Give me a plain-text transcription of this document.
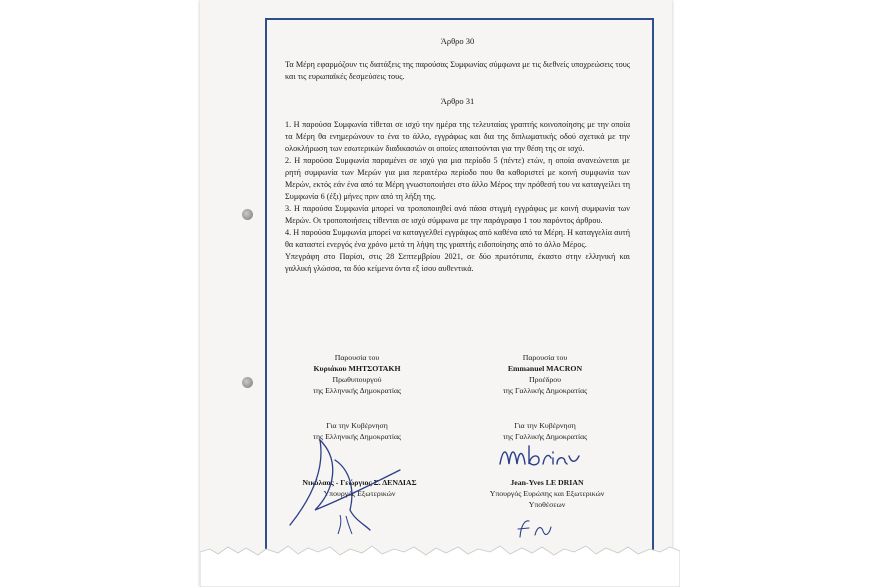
Άρθρο 30
Τα Μέρη εφαρμόζουν τις διατάξεις της παρούσας Συμφωνίας σύμφωνα με τις διεθνείς υποχρεώσεις τους και τις ευρωπαϊκές δεσμεύσεις τους.
Άρθρο 31

1. Η παρούσα Συμφωνία τίθεται σε ισχύ την ημέρα της τελευταίας γραπτής κοινοποίησης με την οποία τα Μέρη θα ενημερώνουν το ένα το άλλο, εγγράφως και δια της διπλωματικής οδού σχετικά με την ολοκλήρωση των εσωτερικών διαδικασιών οι οποίες απαιτούνται για την θέση της σε ισχύ.

2. Η παρούσα Συμφωνία παραμένει σε ισχύ για μια περίοδο 5 (πέντε) ετών, η οποία ανανεώνεται με ρητή συμφωνία των Μερών για μια περαιτέρω περίοδο που θα καθοριστεί με κοινή συμφωνία των Μερών, εκτός εάν ένα από τα Μέρη γνωστοποιήσει στο άλλο Μέρος την πρόθεσή του να καταγγείλει τη Συμφωνία 6 (έξι) μήνες πριν από τη λήξη της.

3. Η παρούσα Συμφωνία μπορεί να τροποποιηθεί ανά πάσα στιγμή εγγράφως με κοινή συμφωνία των Μερών. Οι τροποποιήσεις τίθενται σε ισχύ σύμφωνα με την παράγραφο 1 του παρόντος άρθρου.

4. Η παρούσα Συμφωνία μπορεί να καταγγελθεί εγγράφως από καθένα από τα Μέρη. Η καταγγελία αυτή θα καταστεί ενεργός ένα χρόνο μετά τη λήψη της γραπτής ειδοποίησης από το άλλο Μέρος.

Υπεγράφη στο Παρίσι, στις 28 Σεπτεμβρίου 2021, σε δύο πρωτότυπα, έκαστο στην ελληνική και γαλλική γλώσσα, τα δύο κείμενα όντα εξ ίσου αυθεντικά.

Παρουσία του
Κυριάκου ΜΗΤΣΟΤΑΚΗ
Πρωθυπουργού
της Ελληνικής Δημοκρατίας
Για την Κυβέρνηση
της Ελληνικής Δημοκρατίας
Νικόλαος - Γεώργιος Σ. ΔΕΝΔΙΑΣ
Υπουργός Εξωτερικών
Παρουσία του
Emmanuel MACRON
Προέδρου
της Γαλλικής Δημοκρατίας
Για την Κυβέρνηση
της Γαλλικής Δημοκρατίας
Jean-Yves LE DRIAN
Υπουργός Ευρώπης και Εξωτερικών
Υποθέσεων
